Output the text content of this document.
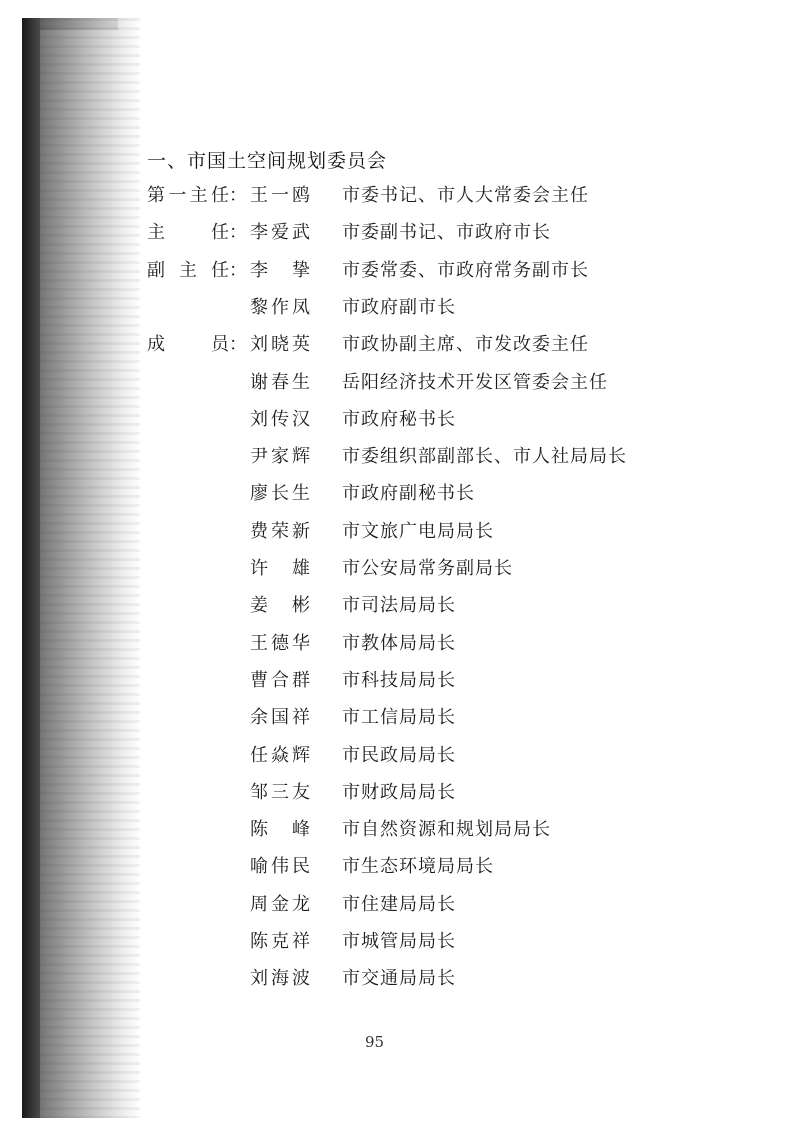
一、市国土空间规划委员会
第 一 主 任 ： 王 一 鸥 市委书记、市人大常委会主任
主	任 ： 李 爱 武 市委副书记、市政府市长
副 主 任 ： 李 挚 市委常委、市政府常务副市长
黎 作 凤 市政府副市长
成	员 ： 刘 晓 英 市政协副主席、市发改委主任
谢 春 生 岳阳经济技术开发区管委会主任
刘 传 汉 市政府秘书长
尹 家 辉 市委组织部副部长、市人社局局长
廖 长 生 市政府副秘书长
费 荣 新 市文旅广电局局长
许 雄 市公安局常务副局长
姜 彬 市司法局局长
王 德 华 市教体局局长
曹 合 群 市科技局局长
余 国 祥 市工信局局长
任 焱 辉 市民政局局长
邹 三 友 市财政局局长
陈 峰 市自然资源和规划局局长
喻 伟 民 市生态环境局局长
周 金 龙 市住建局局长
陈 克 祥 市城管局局长
刘 海 波 市交通局局长
95
